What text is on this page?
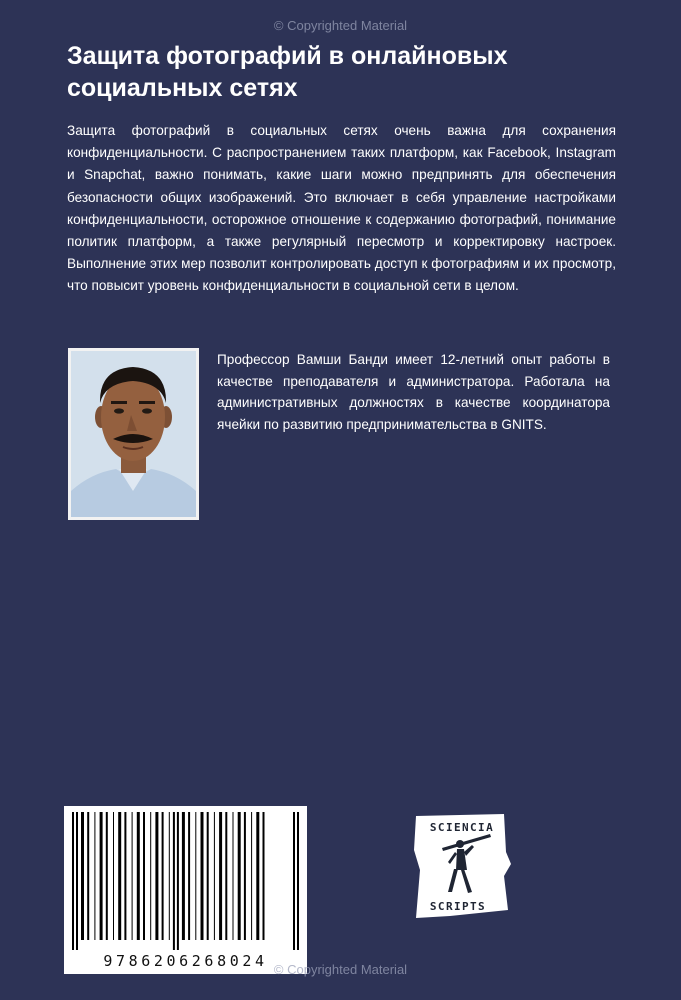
© Copyrighted Material
Защита фотографий в онлайновых социальных сетях

Защита фотографий в социальных сетях очень важна для сохранения конфиденциальности. С распространением таких платформ, как Facebook, Instagram и Snapchat, важно понимать, какие шаги можно предпринять для обеспечения безопасности общих изображений. Это включает в себя управление настройками конфиденциальности, осторожное отношение к содержанию фотографий, понимание политик платформ, а также регулярный пересмотр и корректировку настроек. Выполнение этих мер позволит контролировать доступ к фотографиям и их просмотр, что повысит уровень конфиденциальности в социальной сети в целом.

Профессор Вамши Банди имеет 12-летний опыт работы в качестве преподавателя и администратора. Работала на административных должностях в качестве координатора ячейки по развитию предпринимательства в GNITS.

9786206268024
SCIENCIA
SCRIPTS
© Copyrighted Material
